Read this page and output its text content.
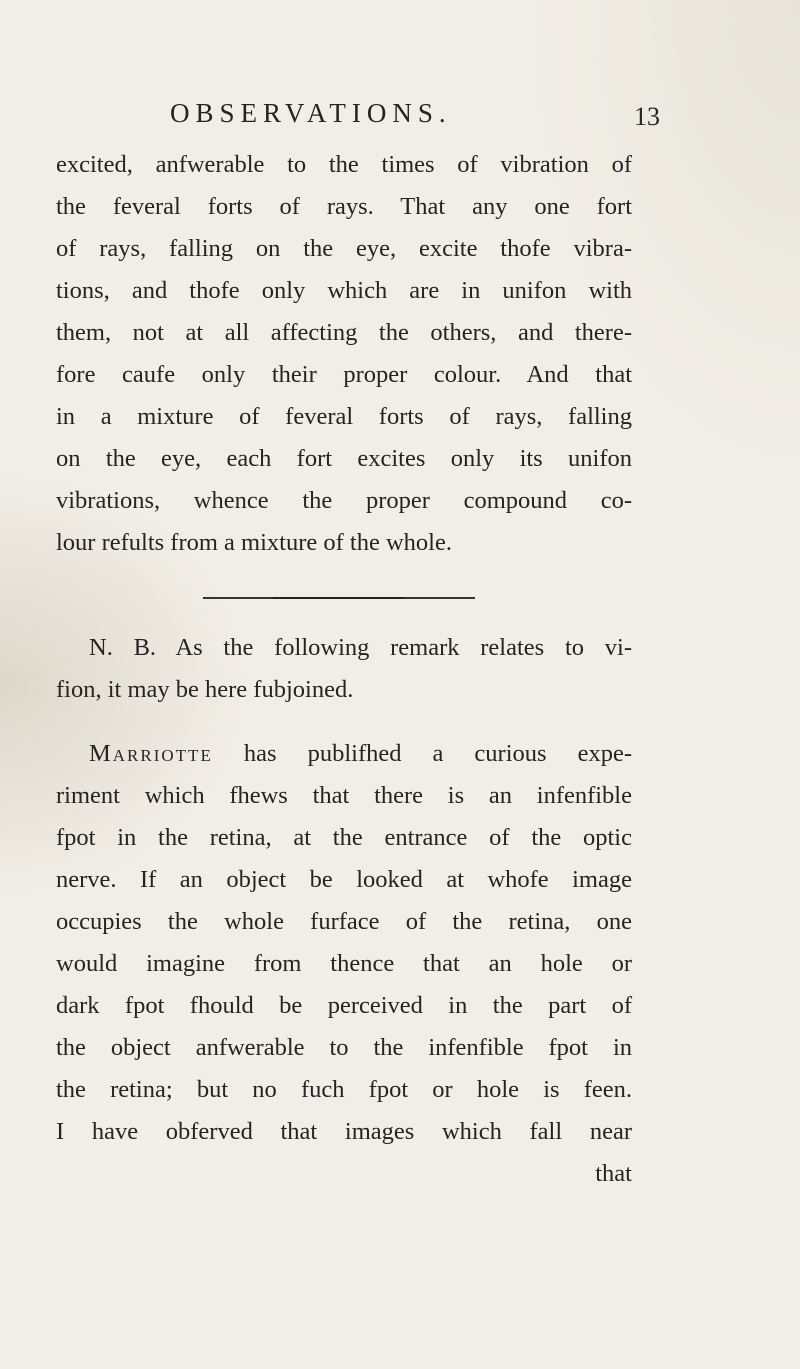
OBSERVATIONS.	13
excited, anfwerable to the times of vibration of
the feveral forts of rays. That any one fort
of rays, falling on the eye, excite thofe vibra-
tions, and thofe only which are in unifon with
them, not at all affecting the others, and there-
fore caufe only their proper colour. And that
in a mixture of feveral forts of rays, falling
on the eye, each fort excites only its unifon
vibrations, whence the proper compound co-
lour refults from a mixture of the whole.
N. B. As the following remark relates to vi-
fion, it may be here fubjoined.
Marriotte has publifhed a curious expe-
riment which fhews that there is an infenfible
fpot in the retina, at the entrance of the optic
nerve. If an object be looked at whofe image
occupies the whole furface of the retina, one
would imagine from thence that an hole or
dark fpot fhould be perceived in the part of
the object anfwerable to the infenfible fpot in
the retina; but no fuch fpot or hole is feen.
I have obferved that images which fall near
that
